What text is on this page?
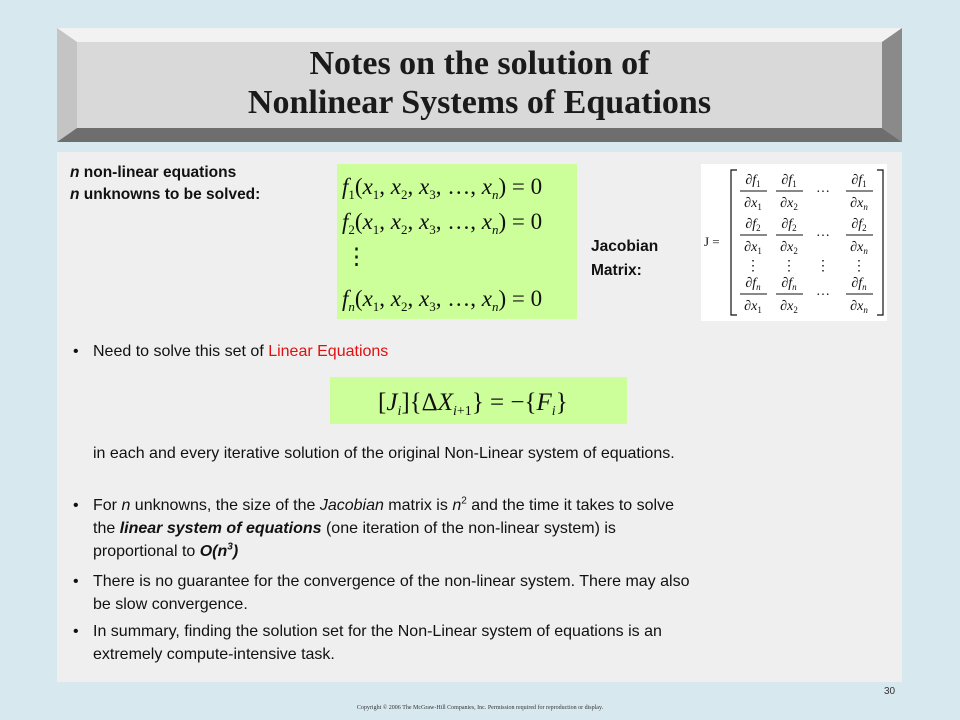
Notes on the solution of
Nonlinear Systems of Equations
n non-linear equations
n unknowns to be solved:	$f_1(x_1$, $x_2$, $x_3$, …, $x_n) = 0$
$f_2(x_1$, $x_2$, $x_3$, …, $x_n) = 0$
⋮
$f_n(x_1$, $x_2$, $x_3$, …, $x_n) = 0$
Jacobian
Matrix:
J =
$\partial f_1$
$\partial x_1$
$\partial f_1$
$\partial x_2$
…
$\partial f_1$
$\partial x_n$
$\partial f_2$
$\partial x_1$
$\partial f_2$
$\partial x_2$
…
$\partial f_2$
$\partial x_n$
⋮ ⋮ ⋮ ⋮
$\partial f_n$
$\partial x_1$
$\partial f_n$
$\partial x_2$
…
$\partial f_n$
$\partial x_n$
• Need to solve this set of Linear Equations
$[J_i]\{\Delta X_i+1\} = -\{F_i\}$
in each and every iterative solution of the original Non-Linear system of equations.
• For n unknowns, the size of the Jacobian matrix is $n^2$ and the time it takes to solve
the linear system of equations (one iteration of the non-linear system) is
proportional to $O(n^3)$
• There is no guarantee for the convergence of the non-linear system. There may also
be slow convergence.
• In summary, finding the solution set for the Non-Linear system of equations is an
extremely compute-intensive task.
30
Copyright © 2006 The McGraw-Hill Companies, Inc. Permission required for reproduction or display.
